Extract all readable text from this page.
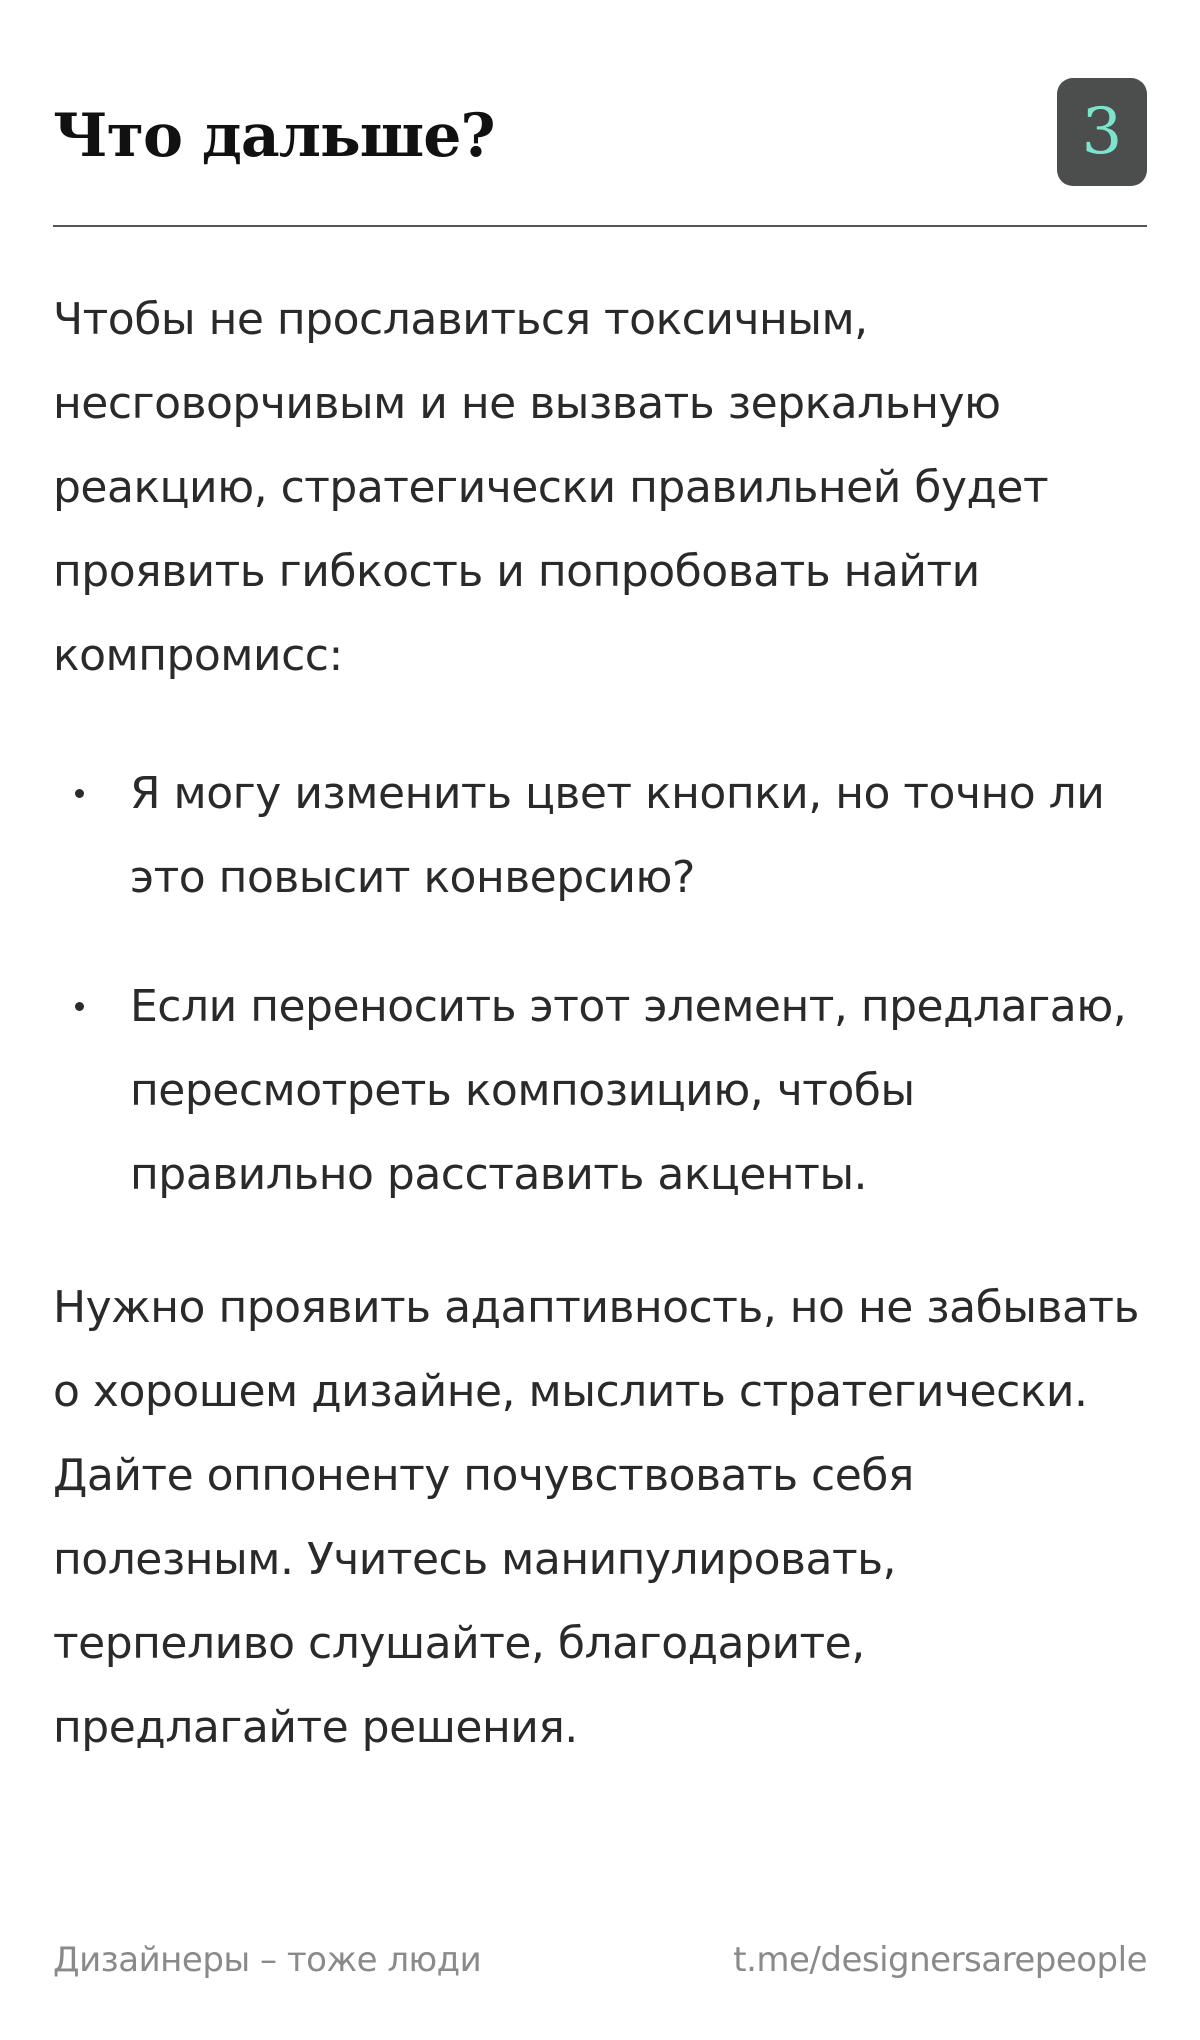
Что дальше?	3

Чтобы не прославиться токсичным, несговорчивым и не вызвать зеркальную реакцию, стратегически правильней будет проявить гибкость и попробовать найти компромисс:

Я могу изменить цвет кнопки, но точно ли это повысит конверсию?

Если переносить этот элемент, предлагаю, пересмотреть композицию, чтобы правильно расставить акценты.

Нужно проявить адаптивность, но не забывать о хорошем дизайне, мыслить стратегически. Дайте оппоненту почувствовать себя полезным. Учитесь манипулировать, терпеливо слушайте, благодарите, предлагайте решения.

Дизайнеры – тоже люди	t.me/designersarepeople
